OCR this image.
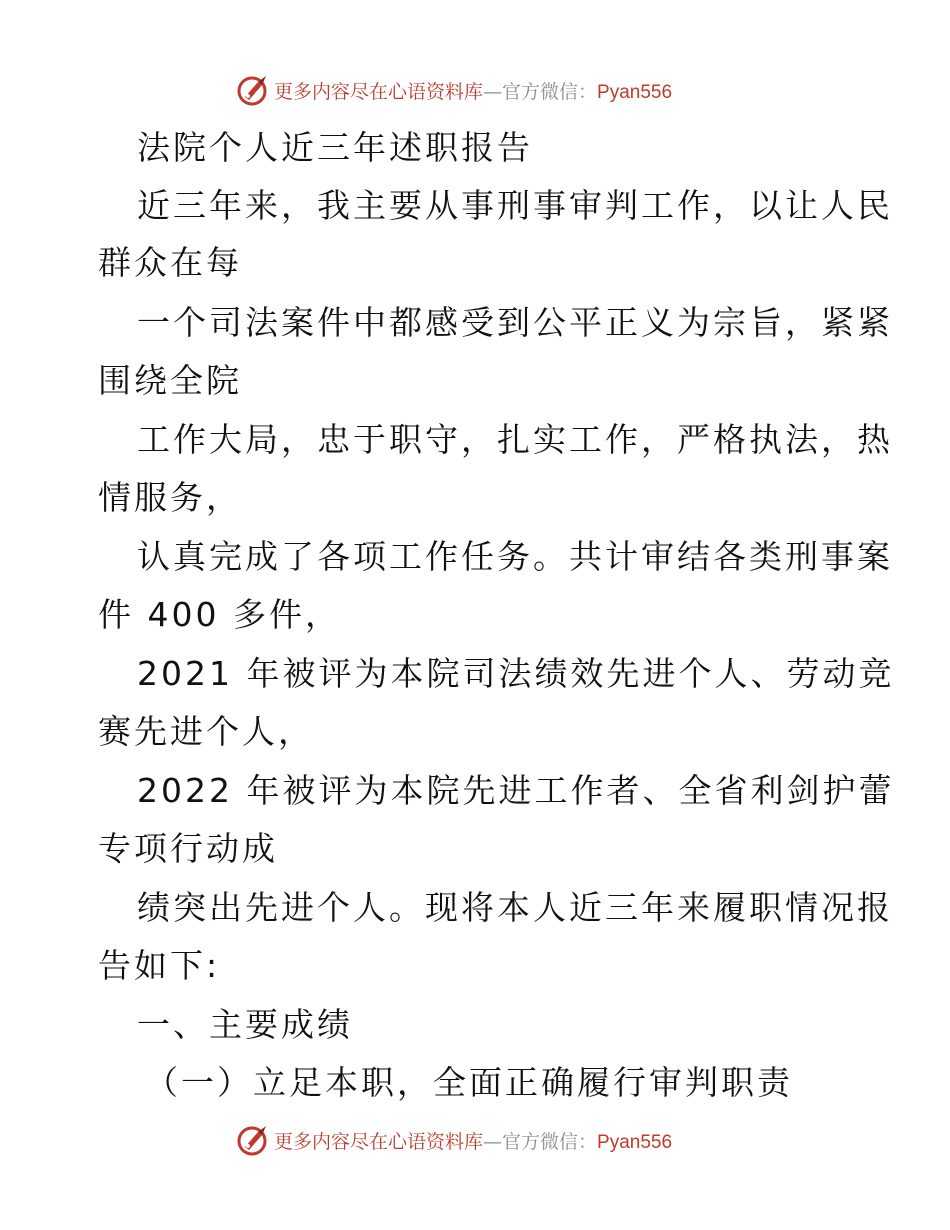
更多内容尽在心语资料库—官方微信：Pyan556
法院个人近三年述职报告
近三年来，我主要从事刑事审判工作，以让人民
群众在每
一个司法案件中都感受到公平正义为宗旨，紧紧
围绕全院
工作大局，忠于职守，扎实工作，严格执法，热
情服务，
认真完成了各项工作任务。共计审结各类刑事案
件 400 多件，
2021 年被评为本院司法绩效先进个人、劳动竞
赛先进个人，
2022 年被评为本院先进工作者、全省利剑护蕾
专项行动成
绩突出先进个人。现将本人近三年来履职情况报
告如下:
一、主要成绩
（一）立足本职，全面正确履行审判职责
更多内容尽在心语资料库—官方微信：Pyan556
